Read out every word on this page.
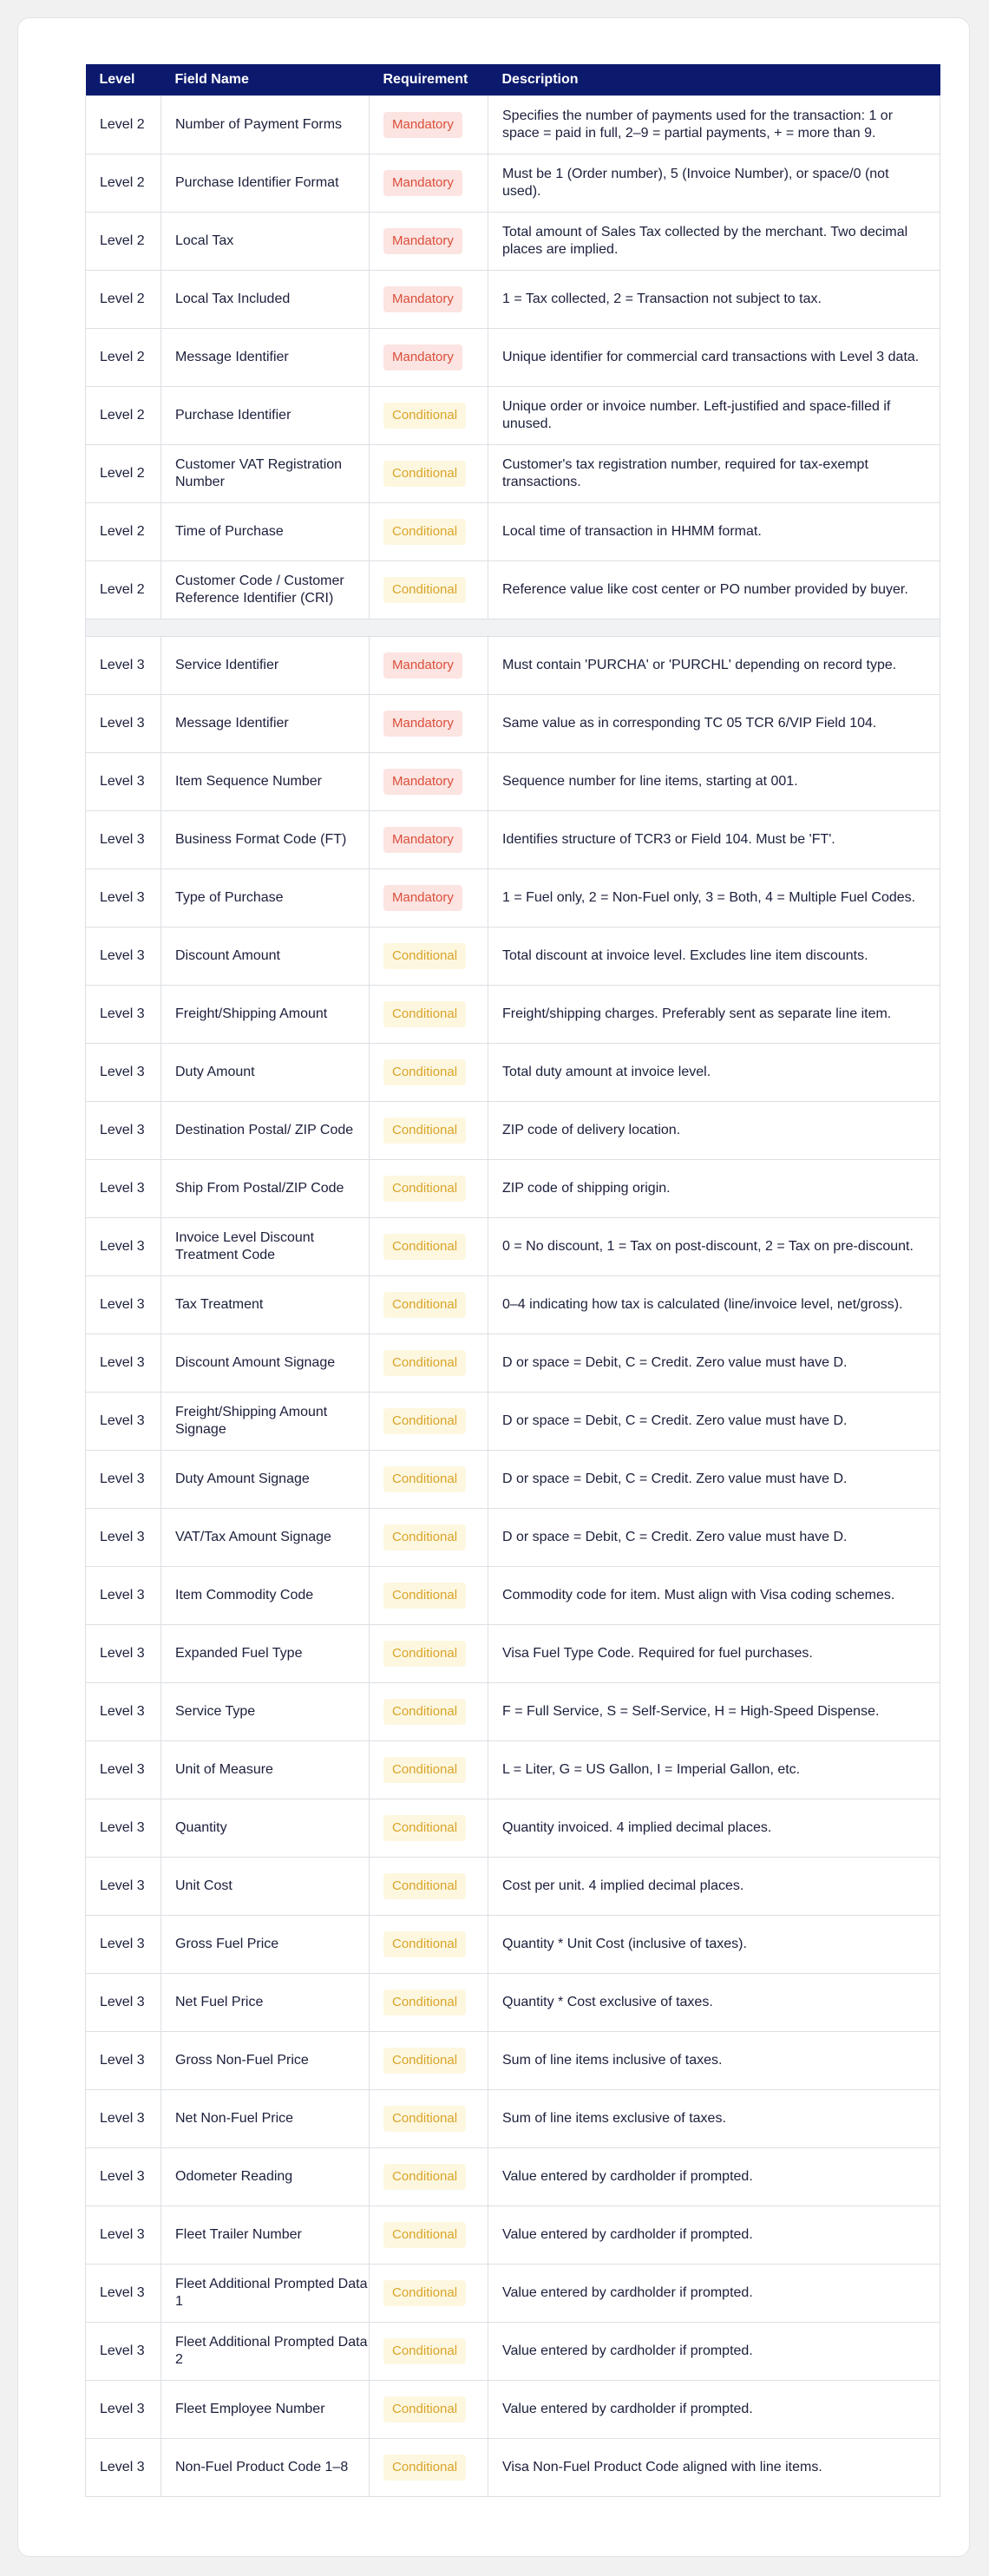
Level	Field Name	Requirement	Description
Level 2	Number of Payment Forms	Mandatory	Specifies the number of payments used for the transaction: 1 or space = paid in full, 2–9 = partial payments, + = more than 9.
Level 2	Purchase Identifier Format	Mandatory	Must be 1 (Order number), 5 (Invoice Number), or space/0 (not used).
Level 2	Local Tax	Mandatory	Total amount of Sales Tax collected by the merchant. Two decimal places are implied.
Level 2	Local Tax Included	Mandatory	1 = Tax collected, 2 = Transaction not subject to tax.
Level 2	Message Identifier	Mandatory	Unique identifier for commercial card transactions with Level 3 data.
Level 2	Purchase Identifier	Conditional	Unique order or invoice number. Left-justified and space-filled if unused.
Level 2	Customer VAT Registration Number	Conditional	Customer's tax registration number, required for tax-exempt transactions.
Level 2	Time of Purchase	Conditional	Local time of transaction in HHMM format.
Level 2	Customer Code / Customer Reference Identifier (CRI)	Conditional	Reference value like cost center or PO number provided by buyer.

Level 3	Service Identifier	Mandatory	Must contain 'PURCHA' or 'PURCHL' depending on record type.
Level 3	Message Identifier	Mandatory	Same value as in corresponding TC 05 TCR 6/VIP Field 104.
Level 3	Item Sequence Number	Mandatory	Sequence number for line items, starting at 001.
Level 3	Business Format Code (FT)	Mandatory	Identifies structure of TCR3 or Field 104. Must be 'FT'.
Level 3	Type of Purchase	Mandatory	1 = Fuel only, 2 = Non-Fuel only, 3 = Both, 4 = Multiple Fuel Codes.
Level 3	Discount Amount	Conditional	Total discount at invoice level. Excludes line item discounts.
Level 3	Freight/Shipping Amount	Conditional	Freight/shipping charges. Preferably sent as separate line item.
Level 3	Duty Amount	Conditional	Total duty amount at invoice level.
Level 3	Destination Postal/ ZIP Code	Conditional	ZIP code of delivery location.
Level 3	Ship From Postal/ZIP Code	Conditional	ZIP code of shipping origin.
Level 3	Invoice Level Discount Treatment Code	Conditional	0 = No discount, 1 = Tax on post-discount, 2 = Tax on pre-discount.
Level 3	Tax Treatment	Conditional	0–4 indicating how tax is calculated (line/invoice level, net/gross).
Level 3	Discount Amount Signage	Conditional	D or space = Debit, C = Credit. Zero value must have D.
Level 3	Freight/Shipping Amount Signage	Conditional	D or space = Debit, C = Credit. Zero value must have D.
Level 3	Duty Amount Signage	Conditional	D or space = Debit, C = Credit. Zero value must have D.
Level 3	VAT/Tax Amount Signage	Conditional	D or space = Debit, C = Credit. Zero value must have D.
Level 3	Item Commodity Code	Conditional	Commodity code for item. Must align with Visa coding schemes.
Level 3	Expanded Fuel Type	Conditional	Visa Fuel Type Code. Required for fuel purchases.
Level 3	Service Type	Conditional	F = Full Service, S = Self-Service, H = High-Speed Dispense.
Level 3	Unit of Measure	Conditional	L = Liter, G = US Gallon, I = Imperial Gallon, etc.
Level 3	Quantity	Conditional	Quantity invoiced. 4 implied decimal places.
Level 3	Unit Cost	Conditional	Cost per unit. 4 implied decimal places.
Level 3	Gross Fuel Price	Conditional	Quantity * Unit Cost (inclusive of taxes).
Level 3	Net Fuel Price	Conditional	Quantity * Cost exclusive of taxes.
Level 3	Gross Non-Fuel Price	Conditional	Sum of line items inclusive of taxes.
Level 3	Net Non-Fuel Price	Conditional	Sum of line items exclusive of taxes.
Level 3	Odometer Reading	Conditional	Value entered by cardholder if prompted.
Level 3	Fleet Trailer Number	Conditional	Value entered by cardholder if prompted.
Level 3	Fleet Additional Prompted Data 1	Conditional	Value entered by cardholder if prompted.
Level 3	Fleet Additional Prompted Data 2	Conditional	Value entered by cardholder if prompted.
Level 3	Fleet Employee Number	Conditional	Value entered by cardholder if prompted.
Level 3	Non-Fuel Product Code 1–8	Conditional	Visa Non-Fuel Product Code aligned with line items.
